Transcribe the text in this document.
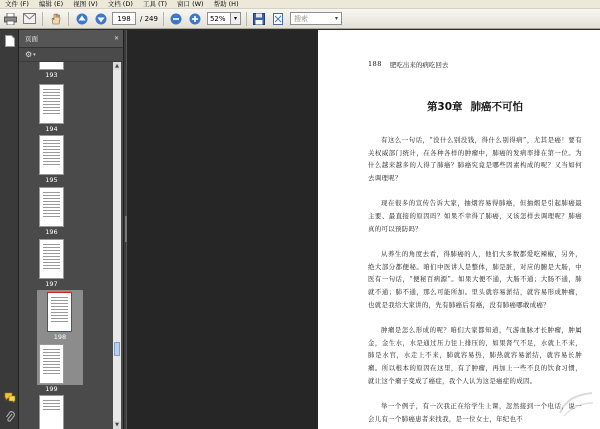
文件 (F)	编辑 (E)	视图 (V)	文档 (D)	工具 (T)	窗口 (W)	帮助 (H)
198
/ 249
52%	▾	搜索	▾
页面	✕
⚙ ▾
193
194
195
196
197
198
199
▲
▼
188 肥吃出来的病吃回去
第30章 肺癌不可怕

有这么一句话，“没什么别没钱，得什么别得病”，尤其是癌！要有关权威部门统计，在各种各样的肿瘤中，肺癌的发病率排在第一位。为什么越来越多的人得了肺癌？肺癌究竟是哪些因素构成的呢？又当如何去调理呢？

现在很多的宣传告诉大家，抽烟容易得肺癌，但抽烟是引起肺癌最主要、最直接的原因吗？如果不幸得了肺癌，又该怎样去调理呢？肺癌真的可以预防吗？

从养生的角度去看，得肺癌的人，他们大多数都爱吃辣椒，另外，绝大部分都便秘。咱们中医讲人是整体，肺是脏，对应的腑是大肠，中医有一句话，“便秘百病源”。如果大便不通，大肠不通；大肠不通，肺就不通；肺不通，那么可能所加。里头就容易淤结，就容易形成肿瘤，也就是我给大家讲的，先有肺癌后有癌，没有肺癌哪敢成癌？

肿瘤是怎么形成的呢？咱们大家都知道，气游血脉才长肿瘤，肿属金，金生水，水是通过压力往上排压的，如果肾气不足，水就上不来，肺是水官，水走上不来，肺就容易热，肺热就容易淤结，就容易长肿瘤。所以根本的原因在这里，有了肿瘤，再加上一些不良的饮食习惯，就让这个瘤子变成了癌症，我个人认为这是癌症的成因。

举一个例子，有一次我正在给学生上课，忽然接到一个电话，说一会儿有一个肺癌患者来找我，是一位女士，年纪也不
